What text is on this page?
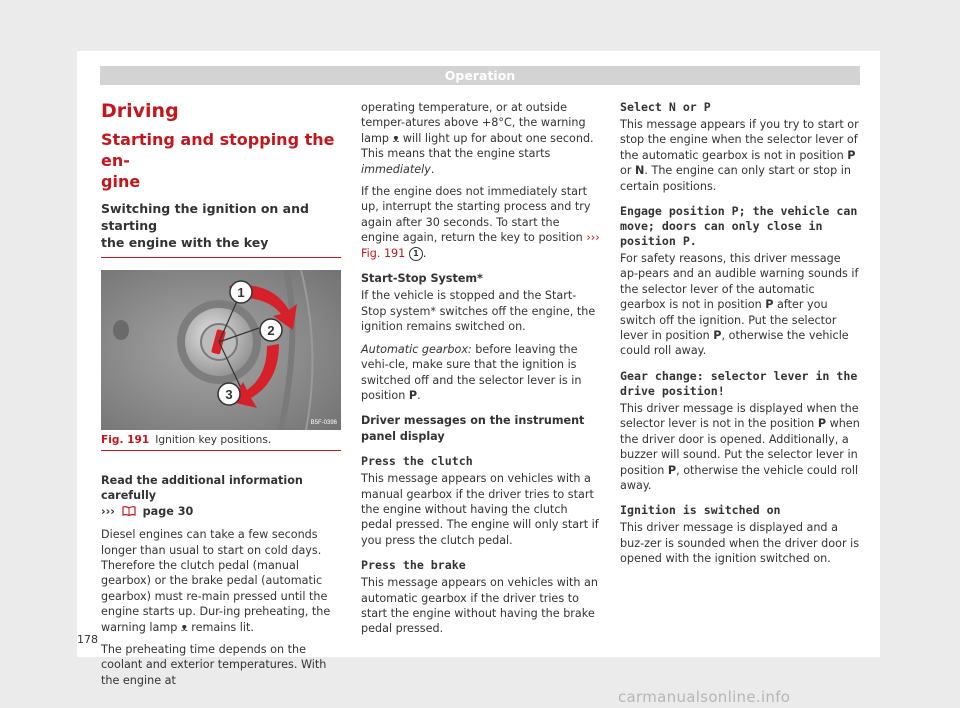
Operation
Driving
Starting and stopping the en-
gine
Switching the ignition on and starting
the engine with the key
1
2
3
B5F-0396
Fig. 191 Ignition key positions.
Read the additional information carefully
››› page 30

Diesel engines can take a few seconds longer than usual to start on cold days. Therefore the clutch pedal (manual gearbox) or the brake pedal (automatic gearbox) must re-main pressed until the engine starts up. Dur-ing preheating, the warning lamp ᴥ remains lit.

The preheating time depends on the coolant and exterior temperatures. With the engine at

operating temperature, or at outside temper-atures above +8°C, the warning lamp ᴥ will light up for about one second. This means that the engine starts immediately.

If the engine does not immediately start up, interrupt the starting process and try again after 30 seconds. To start the engine again, return the key to position ››› Fig. 191 1 .

Start-Stop System*

If the vehicle is stopped and the Start-Stop system* switches off the engine, the ignition remains switched on.

Automatic gearbox: before leaving the vehi-cle, make sure that the ignition is switched off and the selector lever is in position P.

Driver messages on the instrument panel display

Press the clutch

This message appears on vehicles with a manual gearbox if the driver tries to start the engine without having the clutch pedal pressed. The engine will only start if you press the clutch pedal.

Press the brake

This message appears on vehicles with an automatic gearbox if the driver tries to start the engine without having the brake pedal pressed.

Select N or P

This message appears if you try to start or stop the engine when the selector lever of the automatic gearbox is not in position P or N. The engine can only start or stop in certain positions.

Engage position P; the vehicle can move; doors can only close in position P.

For safety reasons, this driver message ap-pears and an audible warning sounds if the selector lever of the automatic gearbox is not in position P after you switch off the ignition. Put the selector lever in position P, otherwise the vehicle could roll away.

Gear change: selector lever in the drive position!

This driver message is displayed when the selector lever is not in the position P when the driver door is opened. Additionally, a buzzer will sound. Put the selector lever in position P, otherwise the vehicle could roll away.

Ignition is switched on

This driver message is displayed and a buz-zer is sounded when the driver door is opened with the ignition switched on.

178
carmanualsonline.info
